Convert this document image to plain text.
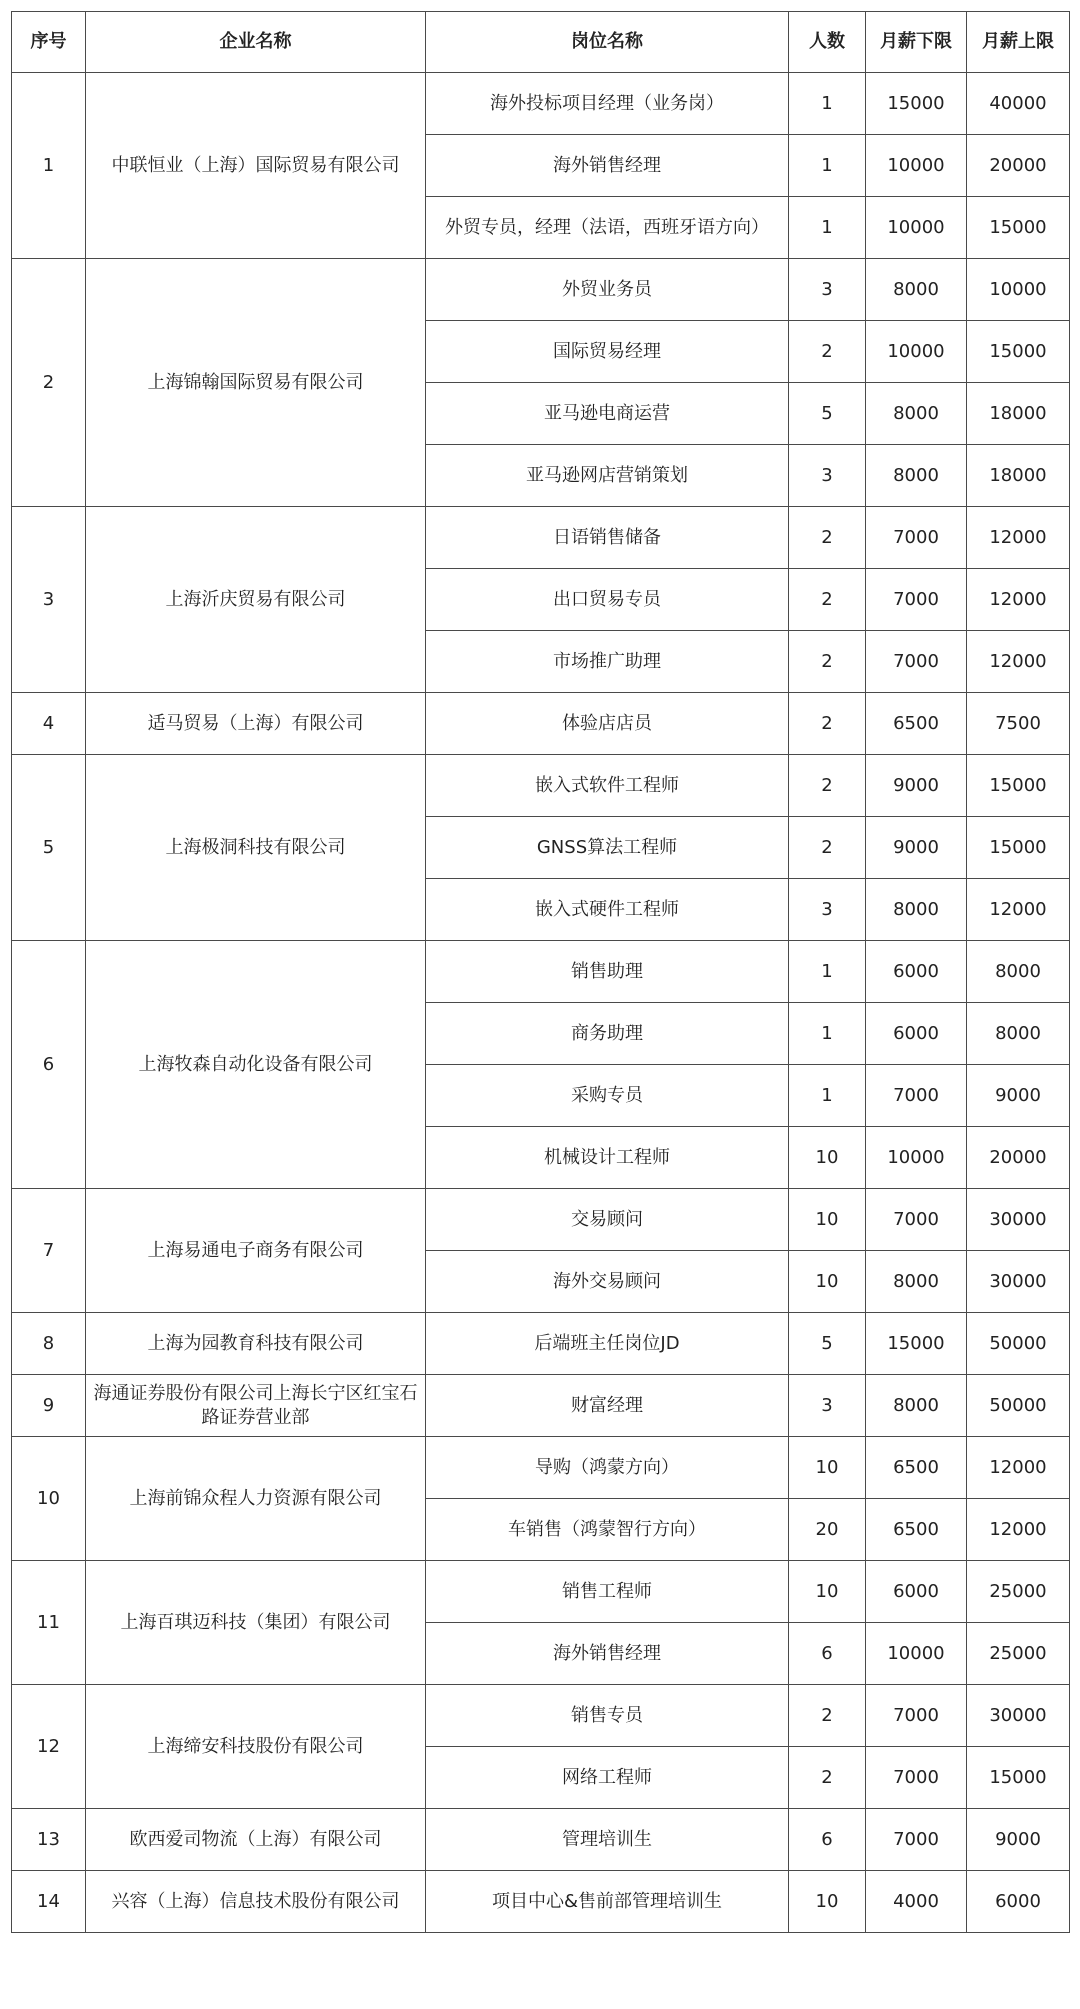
序号	企业名称	岗位名称	人数	月薪下限	月薪上限
1	中联恒业（上海）国际贸易有限公司	海外投标项目经理（业务岗）	1	15000	40000
		海外销售经理	1	10000	20000
		外贸专员，经理（法语，西班牙语方向）	1	10000	15000
2	上海锦翰国际贸易有限公司	外贸业务员	3	8000	10000
		国际贸易经理	2	10000	15000
		亚马逊电商运营	5	8000	18000
		亚马逊网店营销策划	3	8000	18000
3	上海沂庆贸易有限公司	日语销售储备	2	7000	12000
		出口贸易专员	2	7000	12000
		市场推广助理	2	7000	12000
4	适马贸易（上海）有限公司	体验店店员	2	6500	7500
5	上海极洞科技有限公司	嵌入式软件工程师	2	9000	15000
		GNSS算法工程师	2	9000	15000
		嵌入式硬件工程师	3	8000	12000
6	上海牧森自动化设备有限公司	销售助理	1	6000	8000
		商务助理	1	6000	8000
		采购专员	1	7000	9000
		机械设计工程师	10	10000	20000
7	上海易通电子商务有限公司	交易顾问	10	7000	30000
		海外交易顾问	10	8000	30000
8	上海为园教育科技有限公司	后端班主任岗位JD	5	15000	50000
9	海通证券股份有限公司上海长宁区红宝石路证券营业部	财富经理	3	8000	50000
10	上海前锦众程人力资源有限公司	导购（鸿蒙方向）	10	6500	12000
		车销售（鸿蒙智行方向）	20	6500	12000
11	上海百琪迈科技（集团）有限公司	销售工程师	10	6000	25000
		海外销售经理	6	10000	25000
12	上海缔安科技股份有限公司	销售专员	2	7000	30000
		网络工程师	2	7000	15000
13	欧西爱司物流（上海）有限公司	管理培训生	6	7000	9000
14	兴容（上海）信息技术股份有限公司	项目中心&售前部管理培训生	10	4000	6000
